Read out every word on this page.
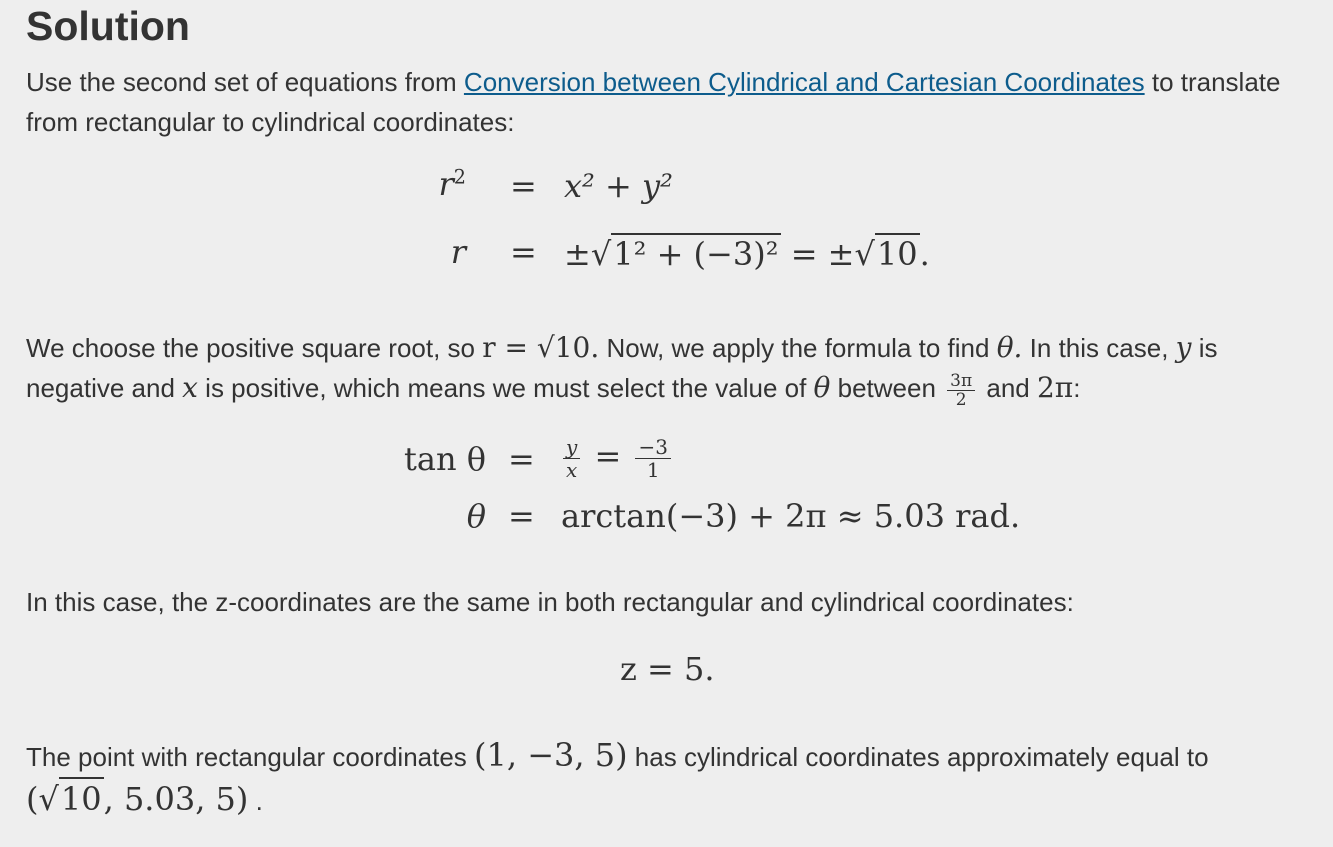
Solution
Use the second set of equations from Conversion between Cylindrical and Cartesian Coordinates to translate from rectangular to cylindrical coordinates:
$r^2 = x^2 + y^2$
r = ±√1² + (−3)² = ±√10.
We choose the positive square root, so r = √10. Now, we apply the formula to find θ. In this case, y is negative and x is positive, which means we must select the value of θ between $\frac{3\pi}{2}$ and 2π:
$\tan \theta = \frac{y}{x} = \frac{-3}{1}$
θ = arctan(−3) + 2π ≈ 5.03 rad.
In this case, the z-coordinates are the same in both rectangular and cylindrical coordinates:
z = 5.
The point with rectangular coordinates (1, −3, 5) has cylindrical coordinates approximately equal to
(√10, 5.03, 5) .
